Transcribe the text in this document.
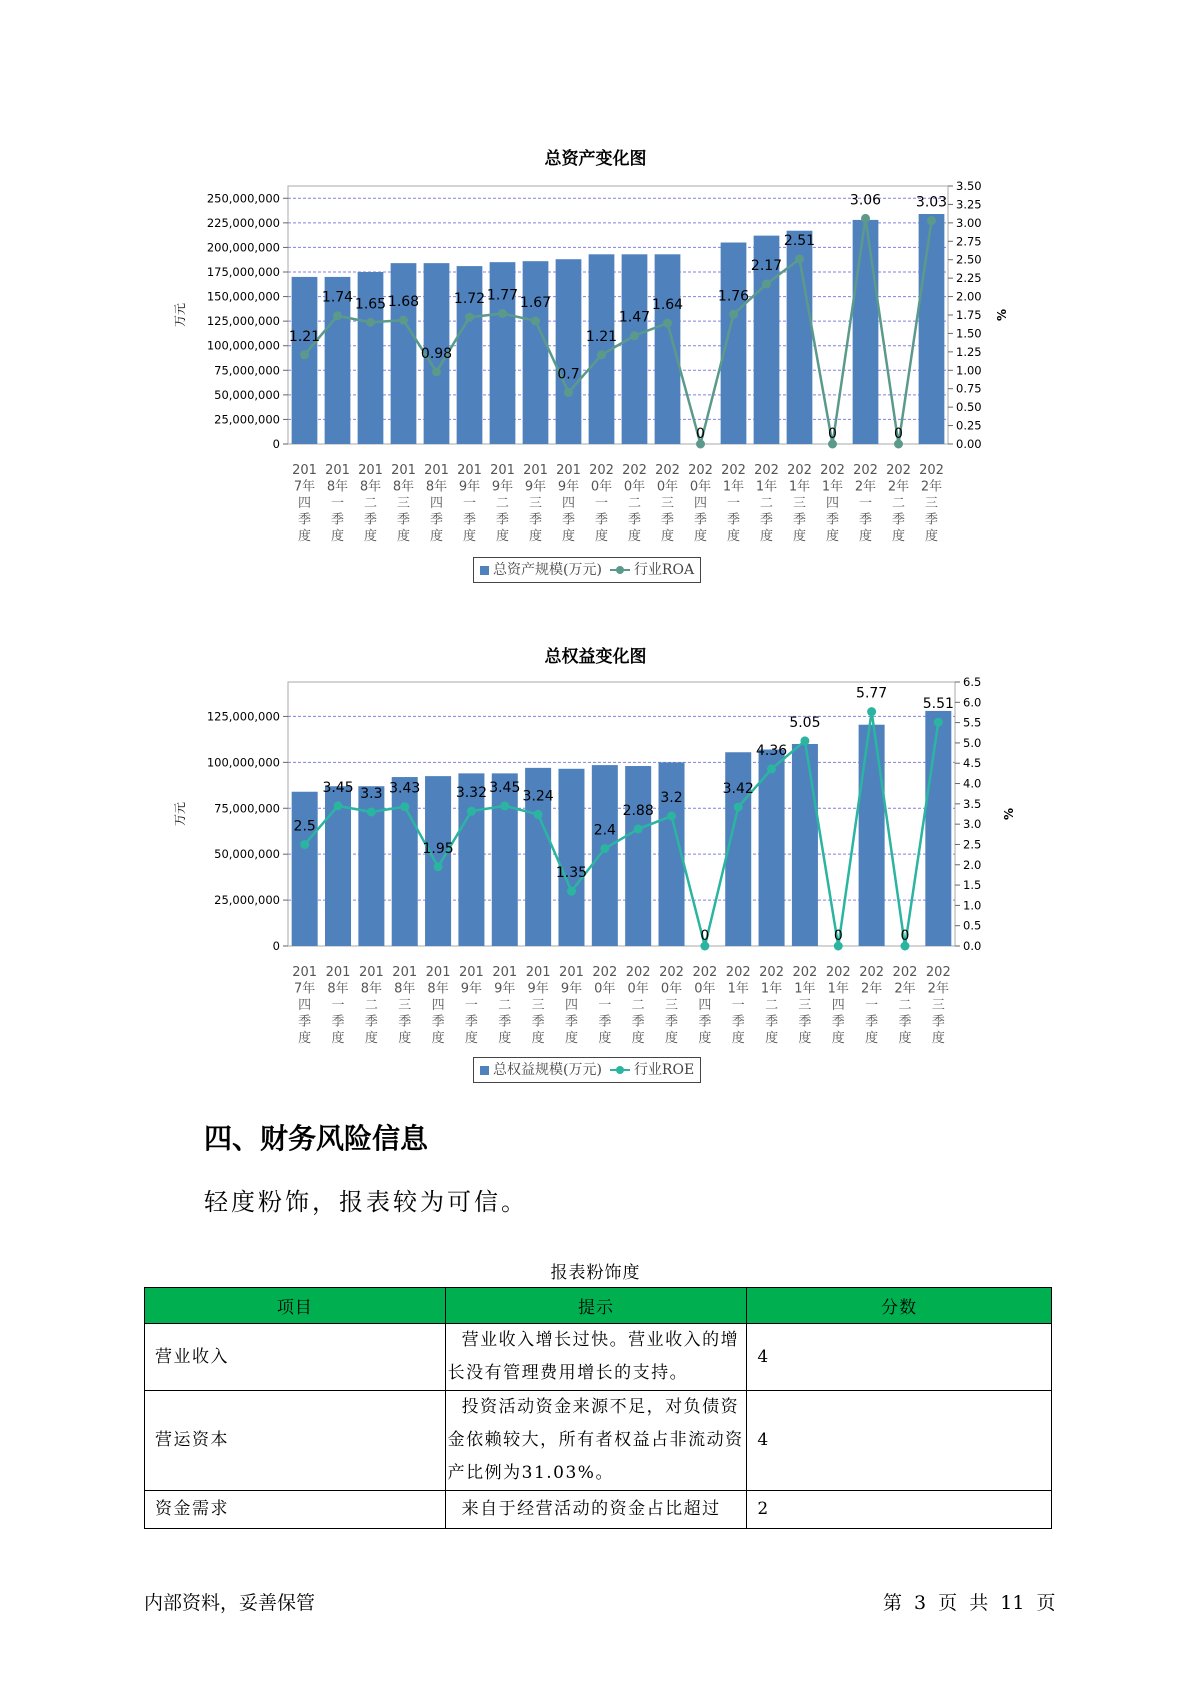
总资产变化图
0
25,000,000
50,000,000
75,000,000
100,000,000
125,000,000
150,000,000
175,000,000
200,000,000
225,000,000
250,000,000
0.00
0.25
0.50
0.75
1.00
1.25
1.50
1.75
2.00
2.25
2.50
2.75
3.00
3.25
3.50
万元	%
1.21
1.74 1.65 1.68
0.98
1.72 1.77 1.67
0.7
1.21
1.47
1.64
0
1.76
2.17
2.51
0
3.06
0
3.03
201
7年
四
季
度
201
8年
一
季
度
201
8年
二
季
度
201
8年
三
季
度
201
8年
四
季
度
201
9年
一
季
度
201
9年
二
季
度
201
9年
三
季
度
201
9年
四
季
度
202
0年
一
季
度
202
0年
二
季
度
202
0年
三
季
度
202
0年
四
季
度
202
1年
一
季
度
202
1年
二
季
度
202
1年
三
季
度
202
1年
四
季
度
202
2年
一
季
度
202
2年
二
季
度
202
2年
三
季
度
总资产规模(万元) 行业ROA
总权益变化图
0
25,000,000
50,000,000
75,000,000
100,000,000
125,000,000
0.0
0.5
1.0
1.5
2.0
2.5
3.0
3.5
4.0
4.5
5.0
5.5
6.0
6.5
万元	%
2.5
3.45 3.3 3.43
1.95
3.32 3.45
3.24
1.35
2.4
2.88
3.2
0
3.42
4.36
5.05
0
5.77
0
5.51
201
7年
四
季
度
201
8年
一
季
度
201
8年
二
季
度
201
8年
三
季
度
201
8年
四
季
度
201
9年
一
季
度
201
9年
二
季
度
201
9年
三
季
度
201
9年
四
季
度
202
0年
一
季
度
202
0年
二
季
度
202
0年
三
季
度
202
0年
四
季
度
202
1年
一
季
度
202
1年
二
季
度
202
1年
三
季
度
202
1年
四
季
度
202
2年
一
季
度
202
2年
二
季
度
202
2年
三
季
度
总权益规模(万元) 行业ROE
四、财务风险信息
轻度粉饰，报表较为可信。
报表粉饰度
项目	提示	分数
营业收入	营业收入增长过快。营业收入的增长没有管理费用增长的支持。	4
营运资本	投资活动资金来源不足，对负债资金依赖较大，所有者权益占非流动资产比例为31.03%。	4
资金需求	来自于经营活动的资金占比超过	2
内部资料，妥善保管	第 3 页 共 11 页
